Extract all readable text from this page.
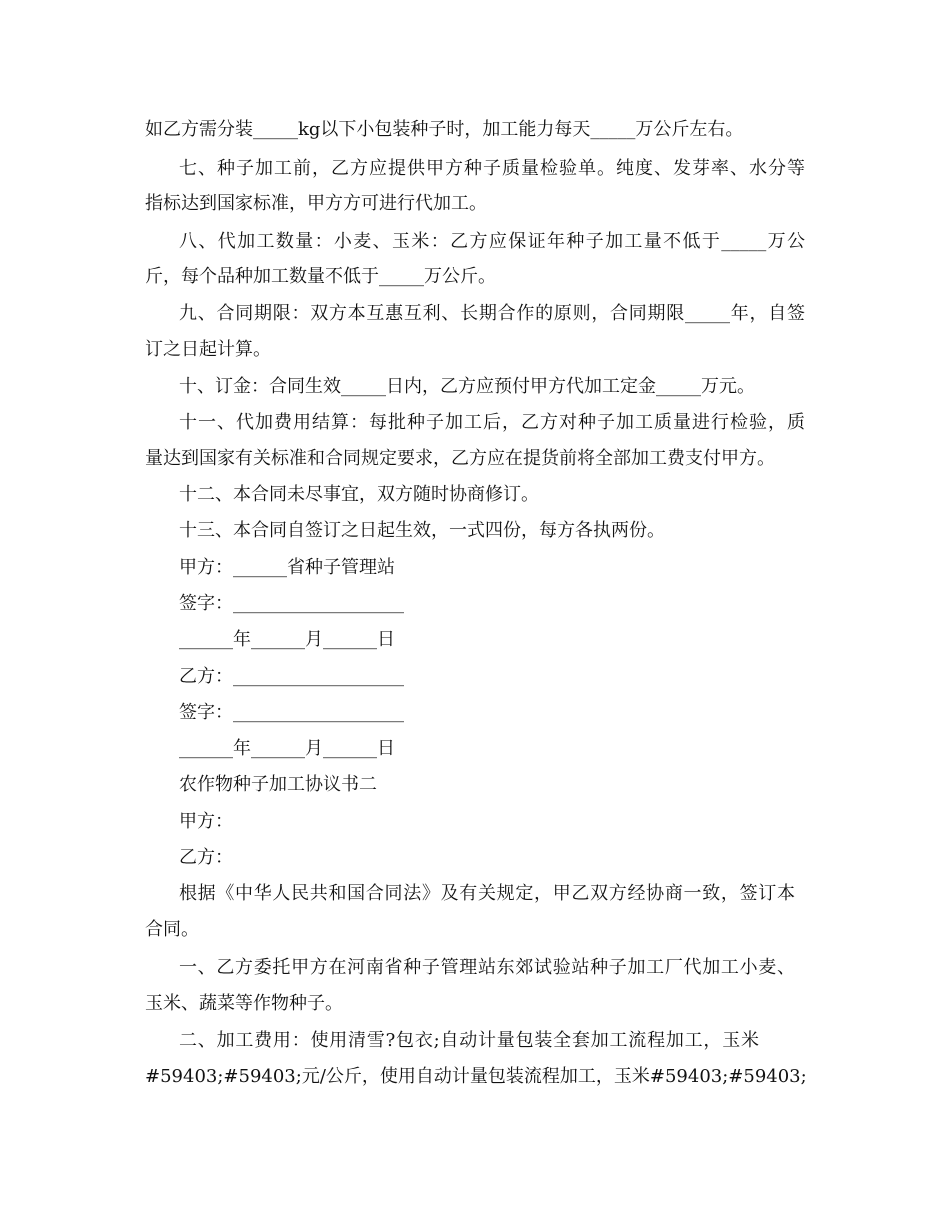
如乙方需分装_____kg以下小包装种子时，加工能力每天_____万公斤左右。
七、种子加工前，乙方应提供甲方种子质量检验单。纯度、发芽率、水分等
指标达到国家标准，甲方方可进行代加工。
八、代加工数量：小麦、玉米：乙方应保证年种子加工量不低于_____万公
斤，每个品种加工数量不低于_____万公斤。
九、合同期限：双方本互惠互利、长期合作的原则，合同期限_____年，自签
订之日起计算。
十、订金：合同生效_____日内，乙方应预付甲方代加工定金_____万元。
十一、代加费用结算：每批种子加工后，乙方对种子加工质量进行检验，质
量达到国家有关标准和合同规定要求，乙方应在提货前将全部加工费支付甲方。
十二、本合同未尽事宜，双方随时协商修订。
十三、本合同自签订之日起生效，一式四份，每方各执两份。
甲方：______省种子管理站
签字：___________________
______年______月______日
乙方：___________________
签字：___________________
______年______月______日
农作物种子加工协议书二
甲方：
乙方：
根据《中华人民共和国合同法》及有关规定，甲乙双方经协商一致，签订本
合同。
一、乙方委托甲方在河南省种子管理站东郊试验站种子加工厂代加工小麦、
玉米、蔬菜等作物种子。
二、加工费用：使用清雪?包衣;自动计量包装全套加工流程加工，玉米
#59403;#59403;元/公斤，使用自动计量包装流程加工，玉米#59403;#59403;
